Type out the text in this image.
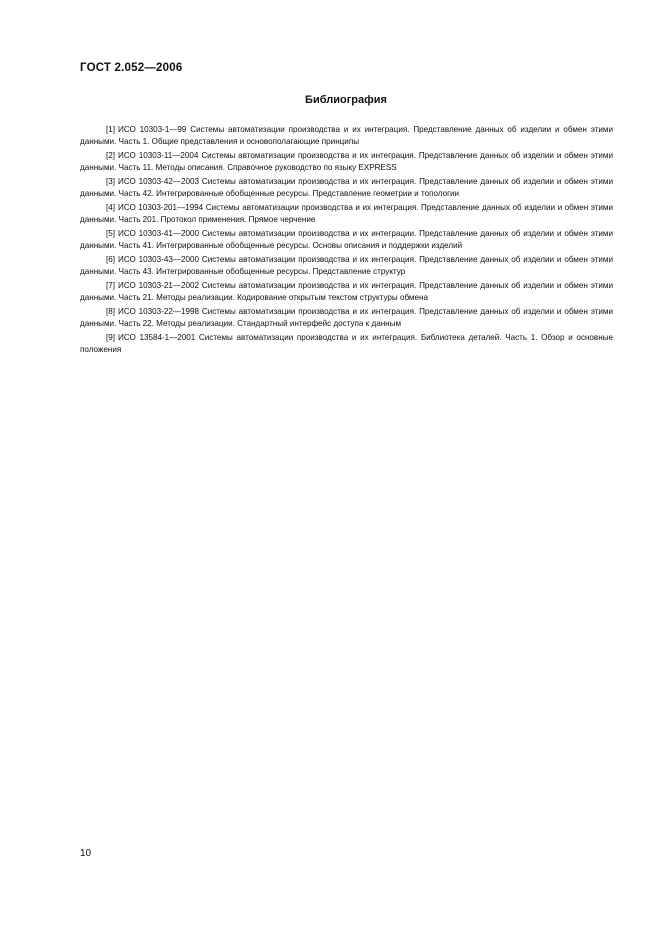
ГОСТ 2.052—2006
Библиография
[1] ИСО 10303-1—99 Системы автоматизации производства и их интеграция. Представление данных об изделии и обмен этими данными. Часть 1. Общие представления и основополагающие принципы
[2] ИСО 10303-11—2004 Системы автоматизации производства и их интеграция. Представление данных об изделии и обмен этими данными. Часть 11. Методы описания. Справочное руководство по языку EXPRESS
[3] ИСО 10303-42—2003 Системы автоматизации производства и их интеграция. Представление данных об изделии и обмен этими данными. Часть 42. Интегрированные обобщенные ресурсы. Представление геометрии и топологии
[4] ИСО 10303-201—1994 Системы автоматизации производства и их интеграция. Представление данных об изделии и обмен этими данными. Часть 201. Протокол применения. Прямое черчение
[5] ИСО 10303-41—2000 Системы автоматизации производства и их интеграции. Представление данных об изделии и обмен этими данными. Часть 41. Интегрированные обобщенные ресурсы. Основы описания и поддержки изделий
[6] ИСО 10303-43—2000 Системы автоматизации производства и их интеграция. Представление данных об изделии и обмен этими данными. Часть 43. Интегрированные обобщенные ресурсы. Представление структур
[7] ИСО 10303-21—2002 Системы автоматизации производства и их интеграция. Представление данных об изделии и обмен этими данными. Часть 21. Методы реализации. Кодирование открытым текстом структуры обмена
[8] ИСО 10303-22—1998 Системы автоматизации производства и их интеграция. Представление данных об изделии и обмен этими данными. Часть 22. Методы реализации. Стандартный интерфейс доступа к данным
[9] ИСО 13584-1—2001 Системы автоматизации производства и их интеграция. Библиотека деталей. Часть 1. Обзор и основные положения
10
